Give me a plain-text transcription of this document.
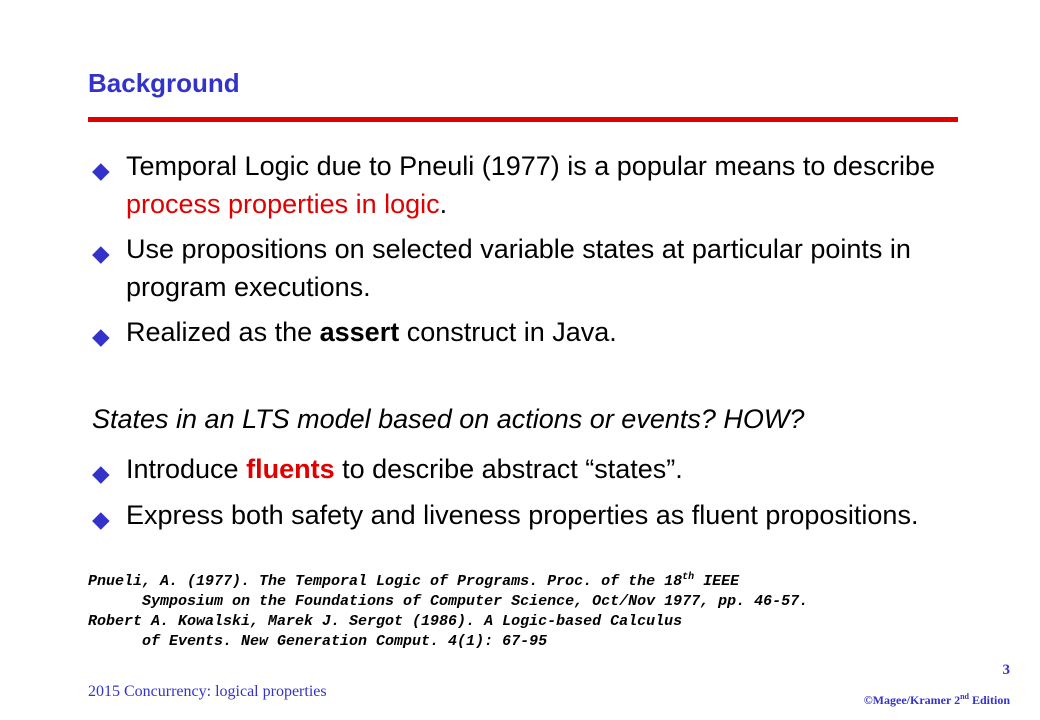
Background
◆ Temporal Logic due to Pneuli (1977) is a popular means to describe process properties in logic.
◆ Use propositions on selected variable states at particular points in program executions.
◆ Realized as the assert construct in Java.
States in an LTS model based on actions or events? HOW?
◆ Introduce fluents to describe abstract “states”.
◆ Express both safety and liveness properties as fluent propositions.
Pnueli, A. (1977). The Temporal Logic of Programs. Proc. of the 18th IEEE
Symposium on the Foundations of Computer Science, Oct/Nov 1977, pp. 46-57.
Robert A. Kowalski, Marek J. Sergot (1986). A Logic-based Calculus
of Events. New Generation Comput. 4(1): 67-95
2015 Concurrency: logical properties
3
©Magee/Kramer 2nd Edition
